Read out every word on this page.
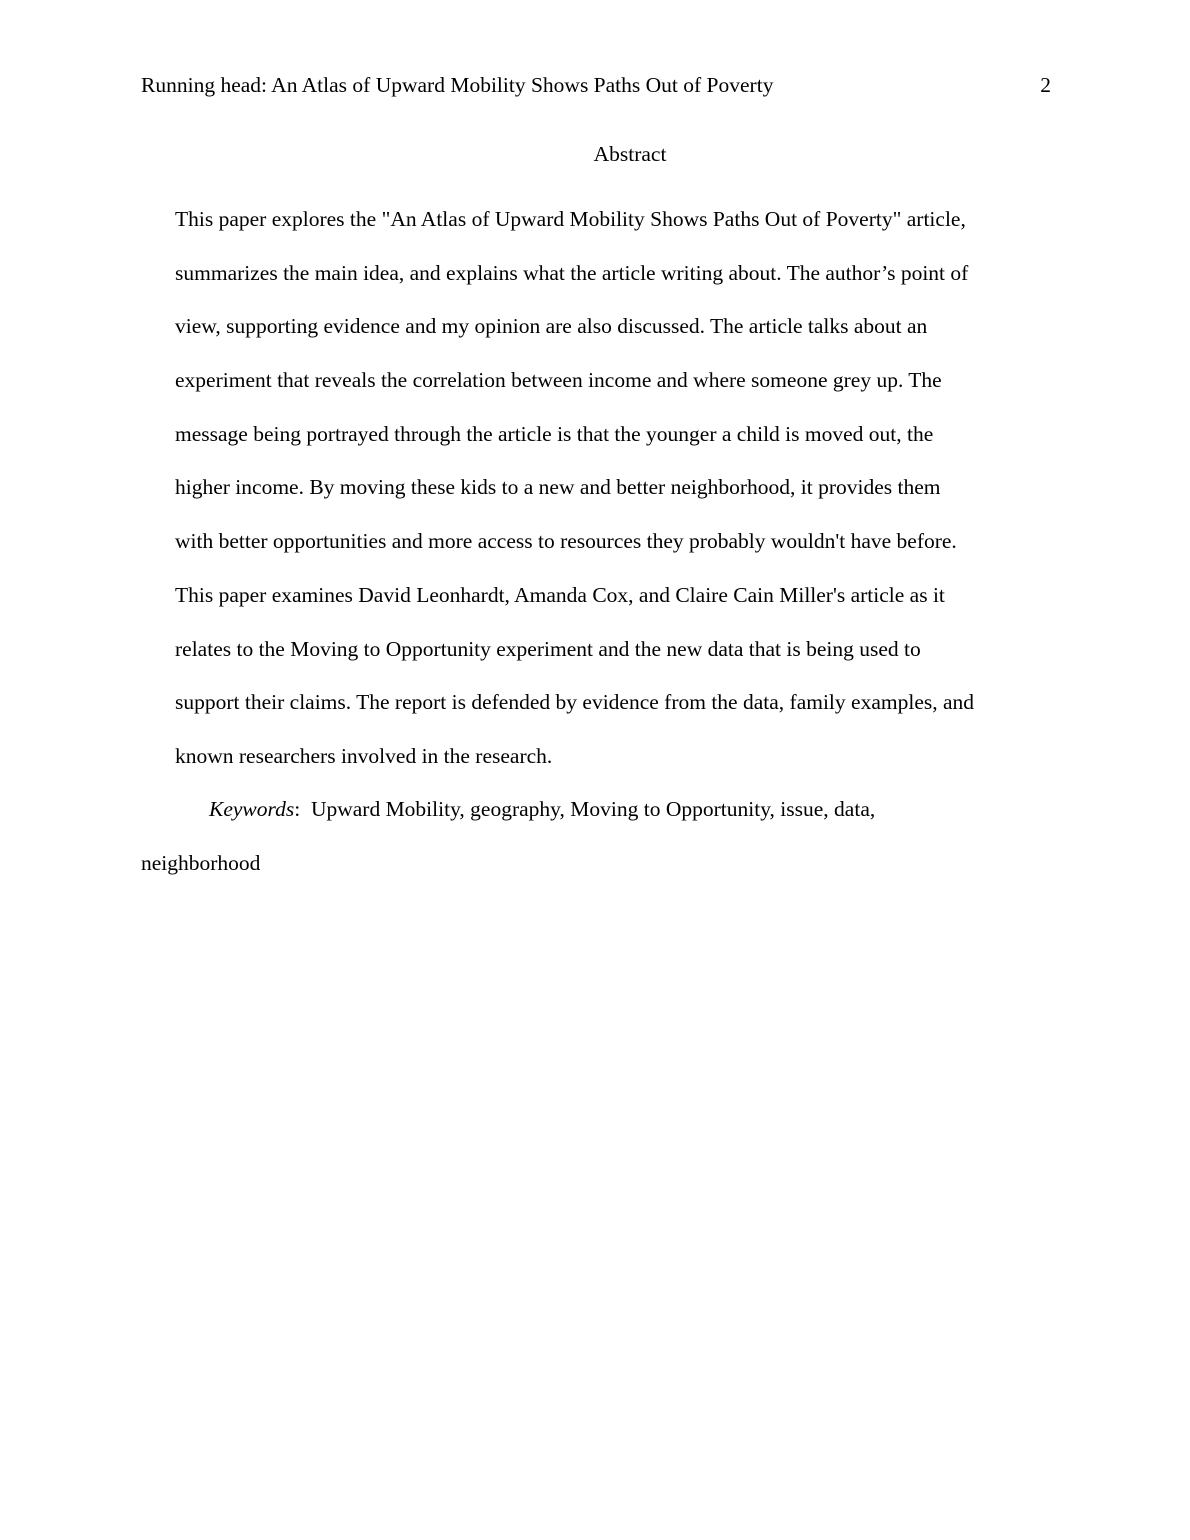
Running head: An Atlas of Upward Mobility Shows Paths Out of Poverty	2
Abstract

This paper explores the "An Atlas of Upward Mobility Shows Paths Out of Poverty" article,
summarizes the main idea, and explains what the article writing about. The author’s point of
view, supporting evidence and my opinion are also discussed. The article talks about an
experiment that reveals the correlation between income and where someone grey up. The
message being portrayed through the article is that the younger a child is moved out, the
higher income. By moving these kids to a new and better neighborhood, it provides them
with better opportunities and more access to resources they probably wouldn't have before.
This paper examines David Leonhardt, Amanda Cox, and Claire Cain Miller's article as it
relates to the Moving to Opportunity experiment and the new data that is being used to
support their claims. The report is defended by evidence from the data, family examples, and
known researchers involved in the research.

Keywords: Upward Mobility, geography, Moving to Opportunity, issue, data,
neighborhood
